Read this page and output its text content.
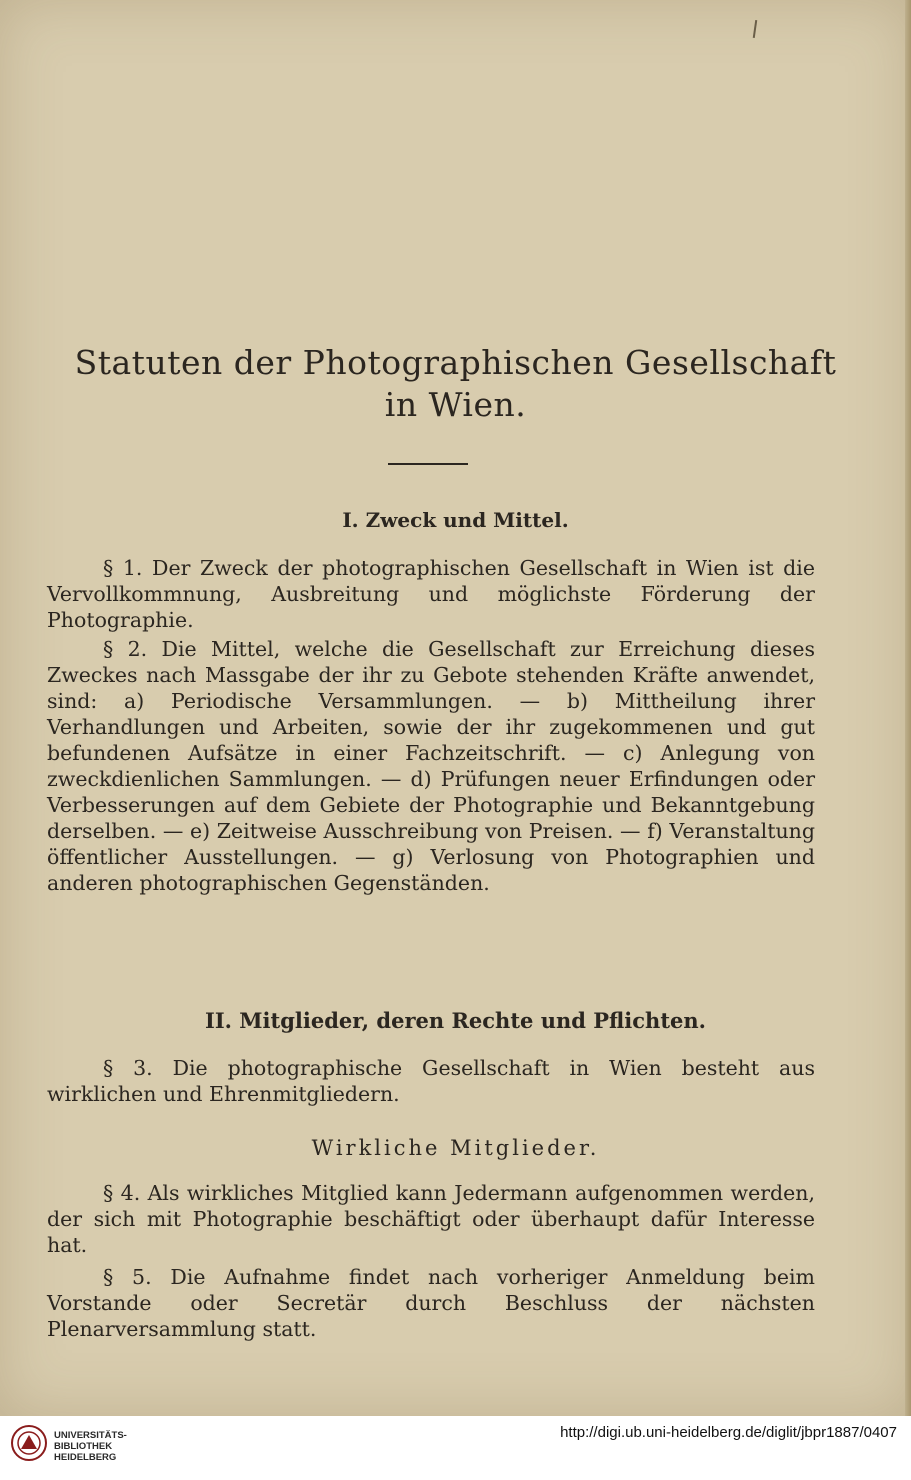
Statuten der Photographischen Gesellschaft
in Wien.
I. Zweck und Mittel.

§ 1. Der Zweck der photographischen Gesellschaft in Wien ist die Vervollkommnung, Ausbreitung und möglichste Förderung der Photographie.

§ 2. Die Mittel, welche die Gesellschaft zur Erreichung dieses Zweckes nach Massgabe der ihr zu Gebote stehenden Kräfte anwendet, sind: a) Periodische Versammlungen. — b) Mittheilung ihrer Verhandlungen und Arbeiten, sowie der ihr zugekommenen und gut befundenen Aufsätze in einer Fachzeitschrift. — c) Anlegung von zweckdienlichen Sammlungen. — d) Prüfungen neuer Erfindungen oder Verbesserungen auf dem Gebiete der Photographie und Bekanntgebung derselben. — e) Zeitweise Ausschreibung von Preisen. — f) Veranstaltung öffentlicher Ausstellungen. — g) Verlosung von Photographien und anderen photographischen Gegenständen.

II. Mitglieder, deren Rechte und Pflichten.

§ 3. Die photographische Gesellschaft in Wien besteht aus wirklichen und Ehrenmitgliedern.

Wirkliche Mitglieder.

§ 4. Als wirkliches Mitglied kann Jedermann aufgenommen werden, der sich mit Photographie beschäftigt oder überhaupt dafür Interesse hat.

§ 5. Die Aufnahme findet nach vorheriger Anmeldung beim Vorstande oder Secretär durch Beschluss der nächsten Plenarversammlung statt.

UNIVERSITÄTS-
BIBLIOTHEK
HEIDELBERG
http://digi.ub.uni-heidelberg.de/diglit/jbpr1887/0407
